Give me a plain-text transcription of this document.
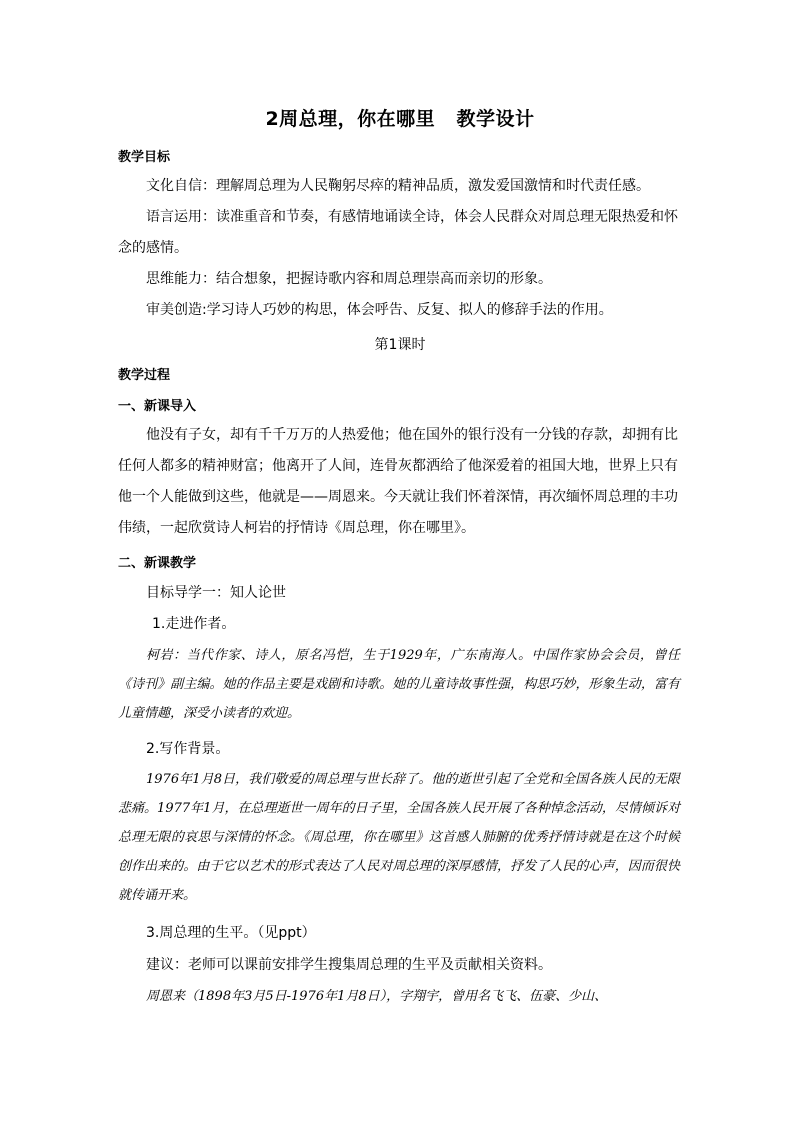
2周总理，你在哪里   教学设计
教学目标
文化自信：理解周总理为人民鞠躬尽瘁的精神品质，激发爱国激情和时代责任感。
语言运用：读准重音和节奏，有感情地诵读全诗，体会人民群众对周总理无限热爱和怀念的感情。
思维能力：结合想象，把握诗歌内容和周总理崇高而亲切的形象。
审美创造:学习诗人巧妙的构思，体会呼告、反复、拟人的修辞手法的作用。
第1课时
教学过程
一、新课导入
他没有子女，却有千千万万的人热爱他；他在国外的银行没有一分钱的存款，却拥有比任何人都多的精神财富；他离开了人间，连骨灰都洒给了他深爱着的祖国大地，世界上只有他一个人能做到这些，他就是——周恩来。今天就让我们怀着深情，再次缅怀周总理的丰功伟绩，一起欣赏诗人柯岩的抒情诗《周总理，你在哪里》。
二、新课教学
目标导学一：知人论世
1.走进作者。
柯岩：当代作家、诗人，原名冯恺，生于1929年，广东南海人。中国作家协会会员，曾任《诗刊》副主编。她的作品主要是戏剧和诗歌。她的儿童诗故事性强，构思巧妙，形象生动，富有儿童情趣，深受小读者的欢迎。
2.写作背景。
1976年1月8日，我们敬爱的周总理与世长辞了。他的逝世引起了全党和全国各族人民的无限悲痛。1977年1月，在总理逝世一周年的日子里，全国各族人民开展了各种悼念活动，尽情倾诉对总理无限的哀思与深情的怀念。《周总理，你在哪里》这首感人肺腑的优秀抒情诗就是在这个时候创作出来的。由于它以艺术的形式表达了人民对周总理的深厚感情，抒发了人民的心声，因而很快就传诵开来。
3.周总理的生平。（见ppt）
建议：老师可以课前安排学生搜集周总理的生平及贡献相关资料。
周恩来（1898年3月5日-1976年1月8日），字翔宇，曾用名飞飞、伍豪、少山、
